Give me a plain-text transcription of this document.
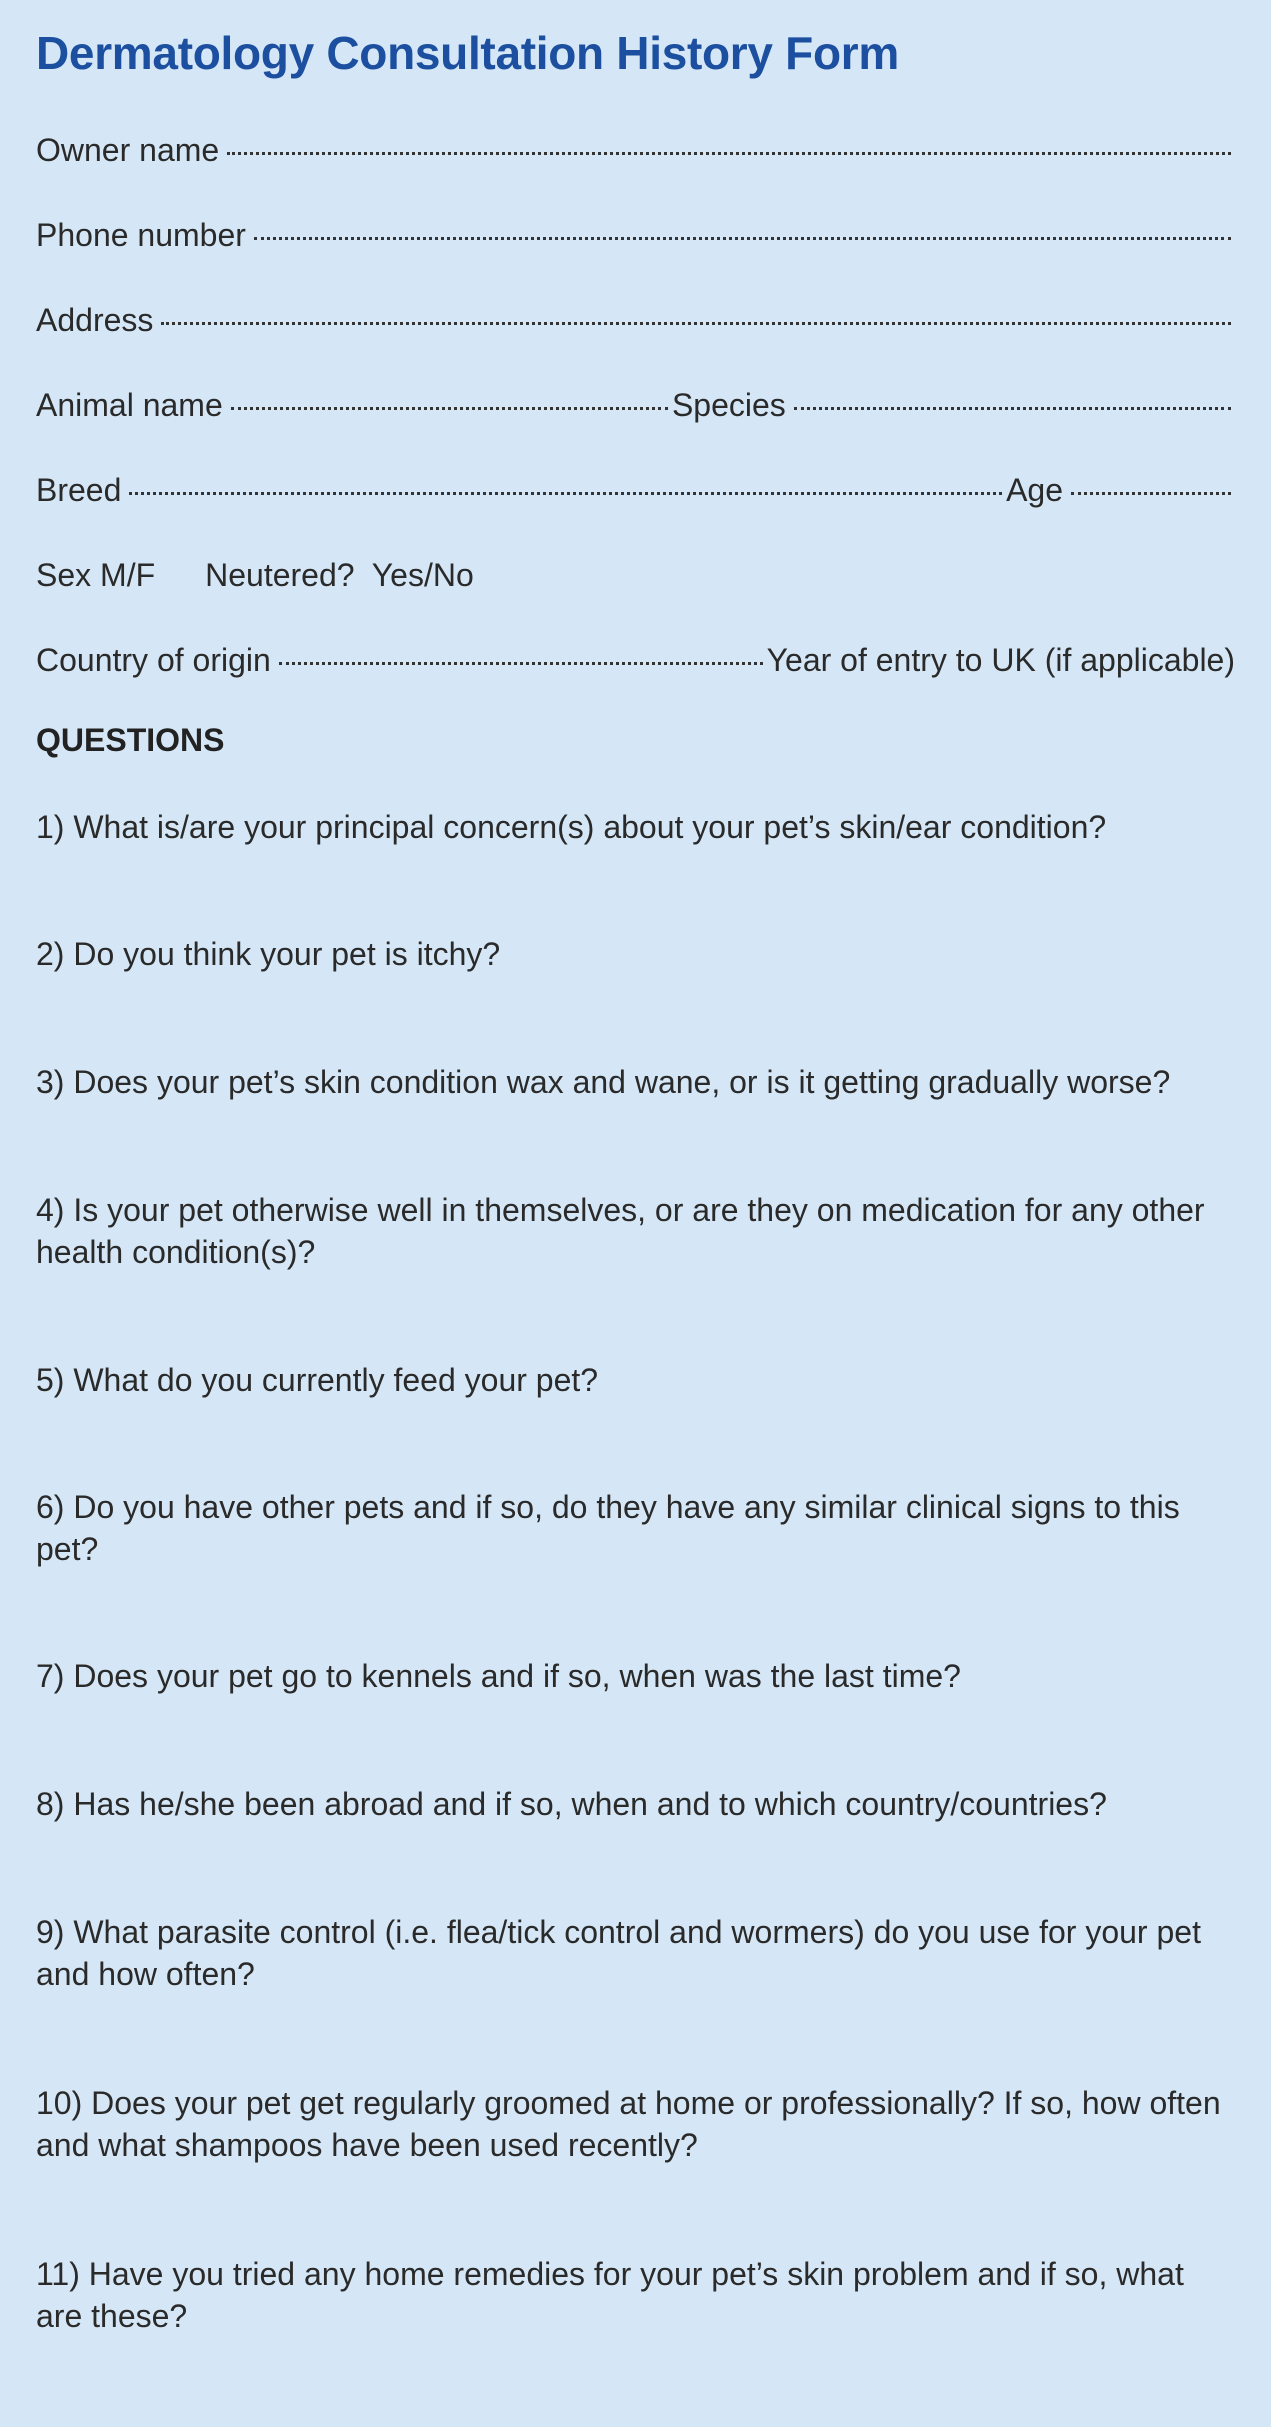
Dermatology Consultation History Form
Owner name
Phone number
Address
Animal name	Species
Breed	Age
Sex M/F Neutered?  Yes/No
Country of origin	Year of entry to UK (if applicable)
QUESTIONS

1) What is/are your principal concern(s) about your pet’s skin/ear condition?

2) Do you think your pet is itchy?

3) Does your pet’s skin condition wax and wane, or is it getting gradually worse?

4) Is your pet otherwise well in themselves, or are they on medication for any other health condition(s)?

5) What do you currently feed your pet?

6) Do you have other pets and if so, do they have any similar clinical signs to this pet?

7) Does your pet go to kennels and if so, when was the last time?

8) Has he/she been abroad and if so, when and to which country/countries?

9) What parasite control (i.e. flea/tick control and wormers) do you use for your pet and how often?

10) Does your pet get regularly groomed at home or professionally? If so, how often and what shampoos have been used recently?

11) Have you tried any home remedies for your pet’s skin problem and if so, what are these?
